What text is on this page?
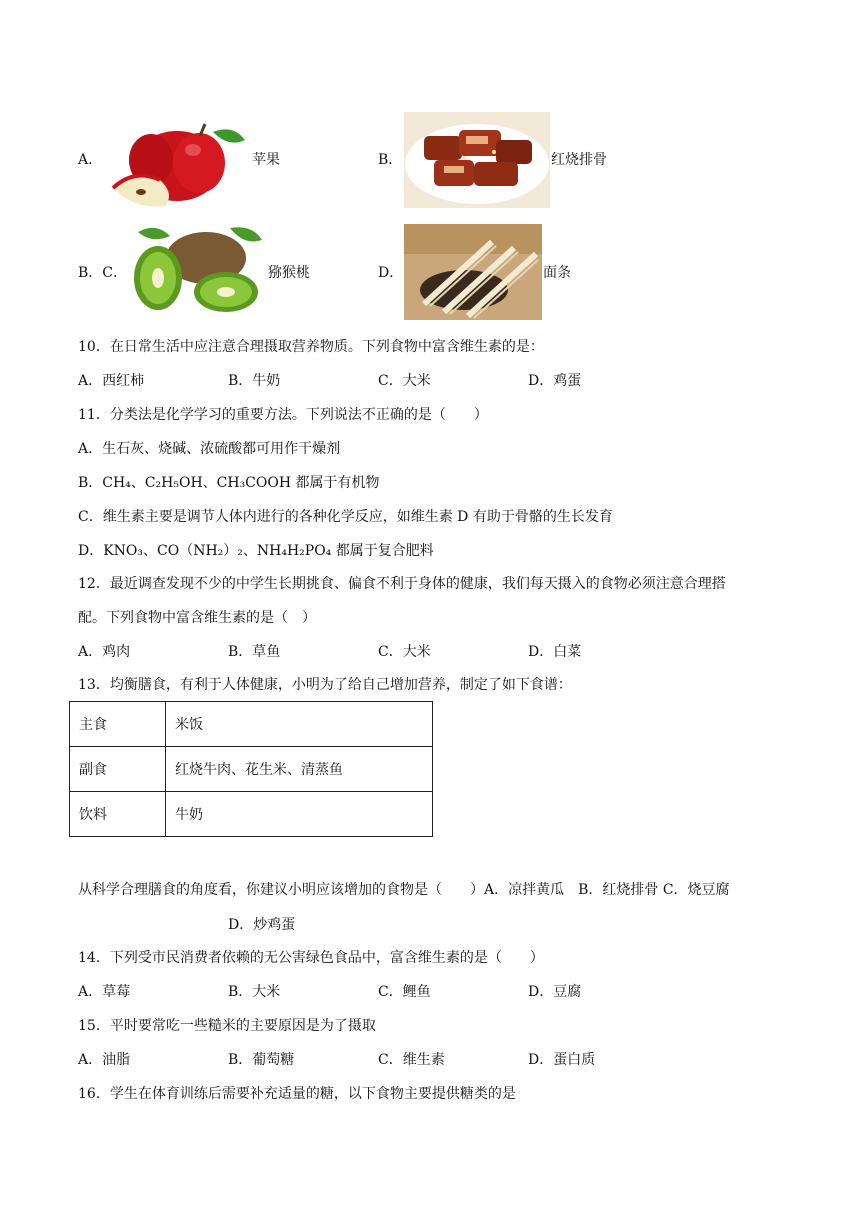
A．	苹果	B．	红烧排骨
B．C．	猕猴桃	D．	面条
10．在日常生活中应注意合理摄取营养物质。下列食物中富含维生素的是：
A．西红柿	B．牛奶	C．大米	D．鸡蛋
11．分类法是化学学习的重要方法。下列说法不正确的是（　　）
A．生石灰、烧碱、浓硫酸都可用作干燥剂
B．CH₄、C₂H₅OH、CH₃COOH 都属于有机物
C．维生素主要是调节人体内进行的各种化学反应，如维生素 D 有助于骨骼的生长发育
D．KNO₃、CO（NH₂）₂、NH₄H₂PO₄ 都属于复合肥料
12．最近调查发现不少的中学生长期挑食、偏食不利于身体的健康，我们每天摄入的食物必须注意合理搭
配。下列食物中富含维生素的是（　）
A．鸡肉	B．草鱼	C．大米	D．白菜
13．均衡膳食，有利于人体健康，小明为了给自己增加营养，制定了如下食谱：
主食	米饭
副食	红烧牛肉、花生米、清蒸鱼
饮料	牛奶
从科学合理膳食的角度看，你建议小明应该增加的食物是（　　）A．凉拌黄瓜　B．红烧排骨 C．烧豆腐
D．炒鸡蛋
14．下列受市民消费者依赖的无公害绿色食品中，富含维生素的是（　　）
A．草莓	B．大米	C．鲤鱼	D．豆腐
15．平时要常吃一些糙米的主要原因是为了摄取
A．油脂	B．葡萄糖	C．维生素	D．蛋白质
16．学生在体育训练后需要补充适量的糖，以下食物主要提供糖类的是
